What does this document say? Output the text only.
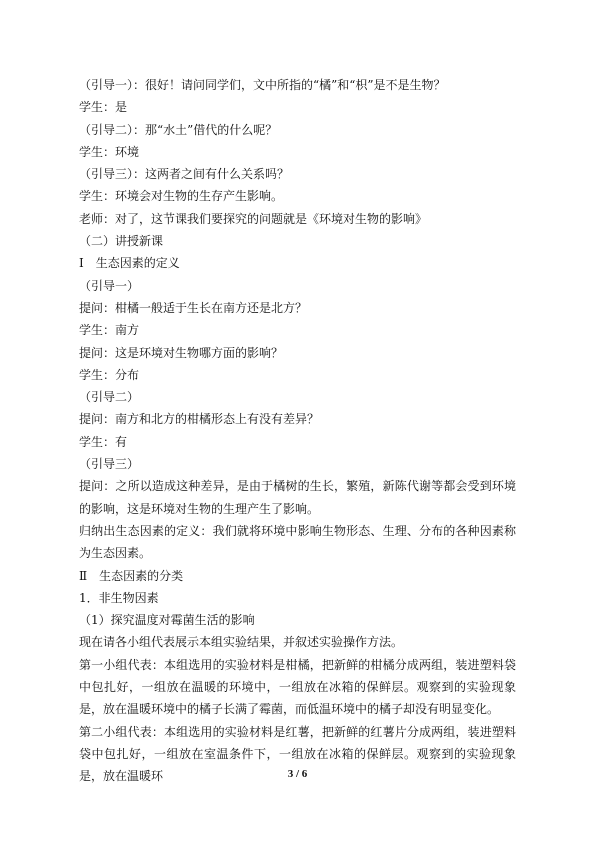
（引导一）：很好！请问同学们，文中所指的“橘”和“枳”是不是生物？
学生：是
（引导二）：那“水土”借代的什么呢？
学生：环境
（引导三）：这两者之间有什么关系吗？
学生：环境会对生物的生存产生影响。
老师：对了，这节课我们要探究的问题就是《环境对生物的影响》
（二）讲授新课
Ⅰ　生态因素的定义
（引导一）
提问：柑橘一般适于生长在南方还是北方？
学生：南方
提问：这是环境对生物哪方面的影响？
学生：分布
（引导二）
提问：南方和北方的柑橘形态上有没有差异？
学生：有
（引导三）
提问：之所以造成这种差异，是由于橘树的生长，繁殖，新陈代谢等都会受到环境的影响，这是环境对生物的生理产生了影响。
归纳出生态因素的定义：我们就将环境中影响生物形态、生理、分布的各种因素称为生态因素。
Ⅱ　生态因素的分类
1．非生物因素
（1）探究温度对霉菌生活的影响
现在请各小组代表展示本组实验结果，并叙述实验操作方法。
第一小组代表：本组选用的实验材料是柑橘，把新鲜的柑橘分成两组，装进塑料袋中包扎好，一组放在温暖的环境中，一组放在冰箱的保鲜层。观察到的实验现象是，放在温暖环境中的橘子长满了霉菌，而低温环境中的橘子却没有明显变化。
第二小组代表：本组选用的实验材料是红薯，把新鲜的红薯片分成两组，装进塑料袋中包扎好，一组放在室温条件下，一组放在冰箱的保鲜层。观察到的实验现象是，放在温暖环	3 / 6
